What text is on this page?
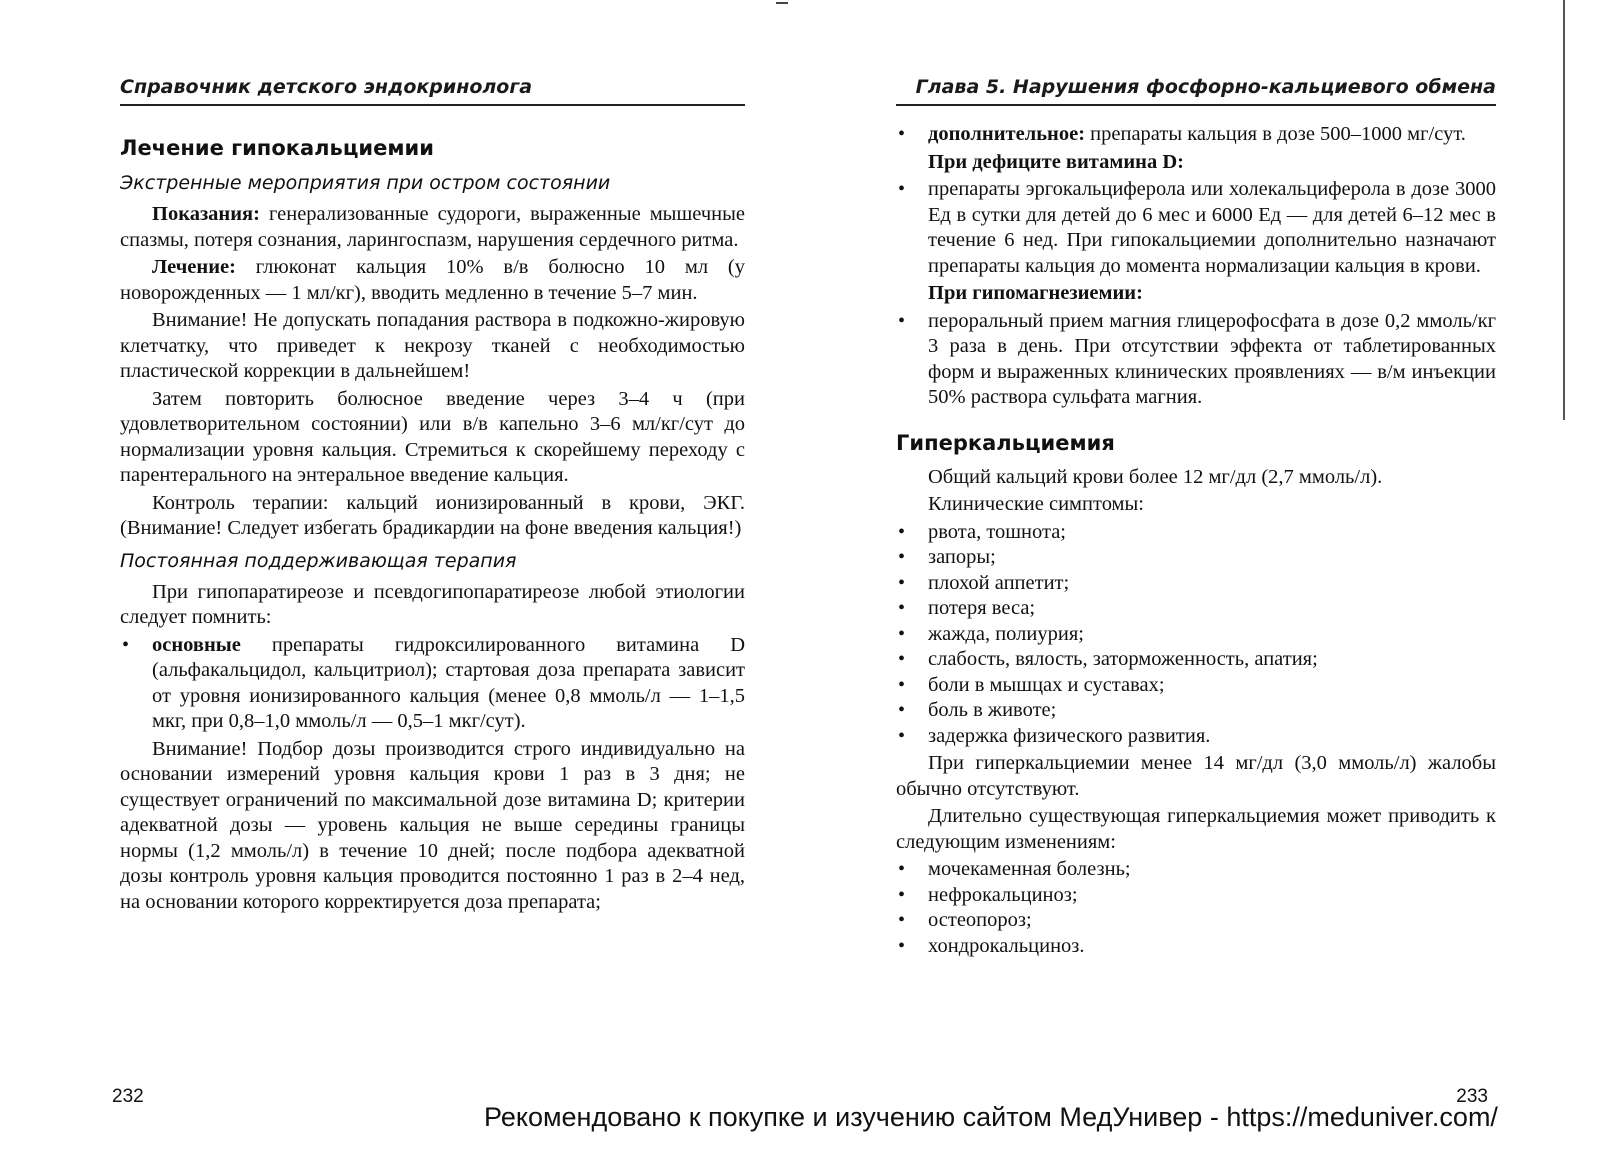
Справочник детского эндокринолога
Лечение гипокальциемии
Экстренные мероприятия при остром состоянии

Показания: генерализованные судороги, выраженные мышечные спазмы, потеря сознания, ларингоспазм, нарушения сердечного ритма.

Лечение: глюконат кальция 10% в/в болюсно 10 мл (у новорожденных — 1 мл/кг), вводить медленно в течение 5–7 мин.

Внимание! Не допускать попадания раствора в подкожно-жировую клетчатку, что приведет к некрозу тканей с необходимостью пластической коррекции в дальнейшем!

Затем повторить болюсное введение через 3–4 ч (при удовлетворительном состоянии) или в/в капельно 3–6 мл/кг/сут до нормализации уровня кальция. Стремиться к скорейшему переходу с парентерального на энтеральное введение кальция.

Контроль терапии: кальций ионизированный в крови, ЭКГ. (Внимание! Следует избегать брадикардии на фоне введения кальция!)

Постоянная поддерживающая терапия

При гипопаратиреозе и псевдогипопаратиреозе любой этиологии следует помнить:

• основные препараты гидроксилированного витамина D (альфакальцидол, кальцитриол); стартовая доза препарата зависит от уровня ионизированного кальция (менее 0,8 ммоль/л — 1–1,5 мкг, при 0,8–1,0 ммоль/л — 0,5–1 мкг/сут).

Внимание! Подбор дозы производится строго индивидуально на основании измерений уровня кальция крови 1 раз в 3 дня; не существует ограничений по максимальной дозе витамина D; критерии адекватной дозы — уровень кальция не выше середины границы нормы (1,2 ммоль/л) в течение 10 дней; после подбора адекватной дозы контроль уровня кальция проводится постоянно 1 раз в 2–4 нед, на основании которого корректируется доза препарата;

232
Глава 5. Нарушения фосфорно-кальциевого обмена
• дополнительное: препараты кальция в дозе 500–1000 мг/сут.

При дефиците витамина D:

• препараты эргокальциферола или холекальциферола в дозе 3000 Ед в сутки для детей до 6 мес и 6000 Ед — для детей 6–12 мес в течение 6 нед. При гипокальциемии дополнительно назначают препараты кальция до момента нормализации кальция в крови.

При гипомагнезиемии:

• пероральный прием магния глицерофосфата в дозе 0,2 ммоль/кг 3 раза в день. При отсутствии эффекта от таблетированных форм и выраженных клинических проявлениях — в/м инъекции 50% раствора сульфата магния.
Гиперкальциемия

Общий кальций крови более 12 мг/дл (2,7 ммоль/л).

Клинические симптомы:

• рвота, тошнота;
• запоры;
• плохой аппетит;
• потеря веса;
• жажда, полиурия;
• слабость, вялость, заторможенность, апатия;
• боли в мышцах и суставах;
• боль в животе;
• задержка физического развития.

При гиперкальциемии менее 14 мг/дл (3,0 ммоль/л) жалобы обычно отсутствуют.

Длительно существующая гиперкальциемия может приводить к следующим изменениям:

• мочекаменная болезнь;
• нефрокальциноз;
• остеопороз;
• хондрокальциноз.
233
Рекомендовано к покупке и изучению сайтом МедУнивер - https://meduniver.com/
